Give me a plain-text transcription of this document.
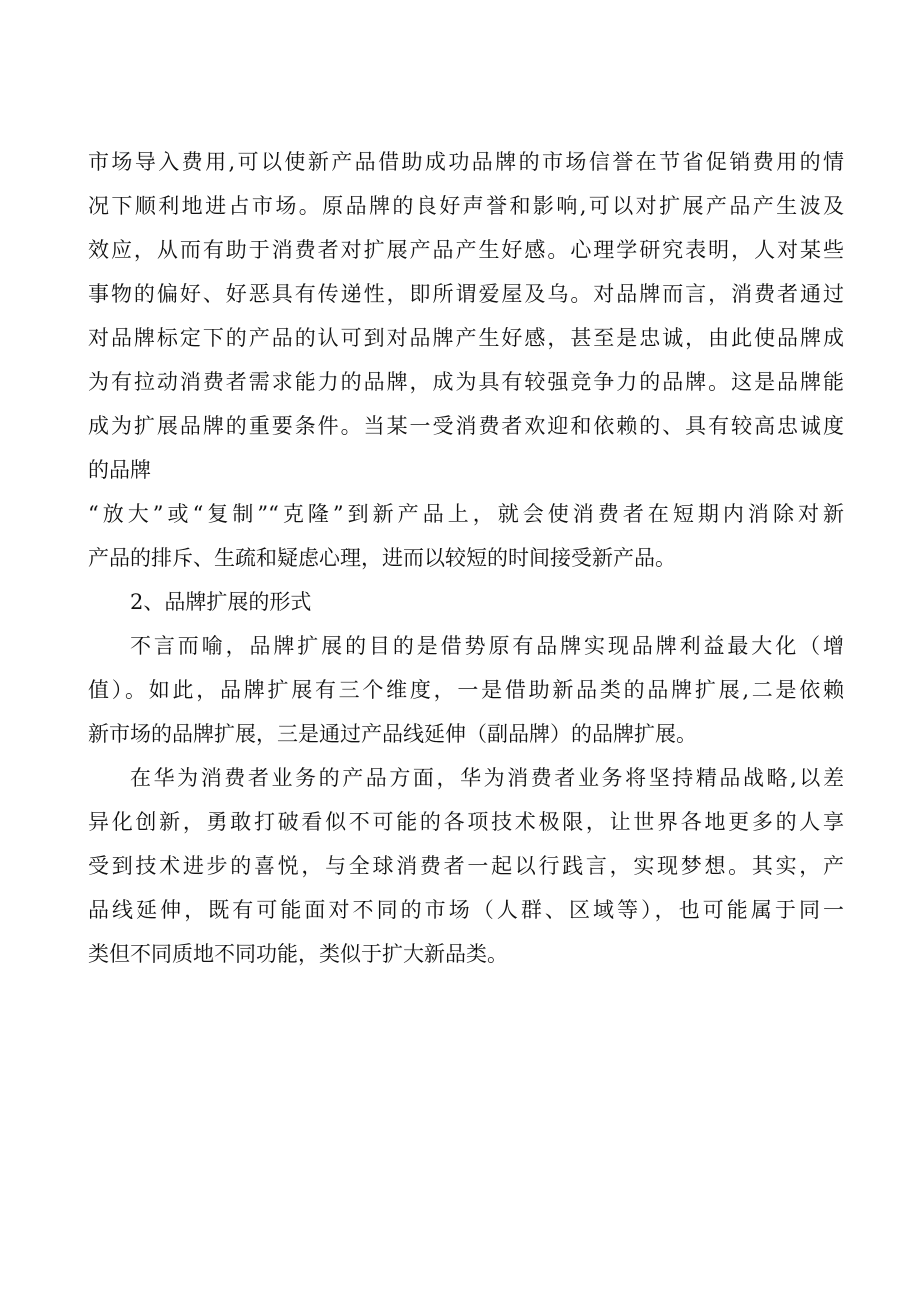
市场导入费用,可以使新产品借助成功品牌的市场信誉在节省促销费用的情
况下顺利地进占市场。原品牌的良好声誉和影响,可以对扩展产品产生波及
效应，从而有助于消费者对扩展产品产生好感。心理学研究表明，人对某些
事物的偏好、好恶具有传递性，即所谓爱屋及乌。对品牌而言，消费者通过
对品牌标定下的产品的认可到对品牌产生好感，甚至是忠诚，由此使品牌成
为有拉动消费者需求能力的品牌，成为具有较强竞争力的品牌。这是品牌能
成为扩展品牌的重要条件。当某一受消费者欢迎和依赖的、具有较高忠诚度
的品牌
“放大”或“复制”“克隆”到新产品上，就会使消费者在短期内消除对新
产品的排斥、生疏和疑虑心理，进而以较短的时间接受新产品。
2、品牌扩展的形式
不言而喻，品牌扩展的目的是借势原有品牌实现品牌利益最大化（增
值）。如此，品牌扩展有三个维度，一是借助新品类的品牌扩展,二是依赖
新市场的品牌扩展，三是通过产品线延伸（副品牌）的品牌扩展。
在华为消费者业务的产品方面，华为消费者业务将坚持精品战略,以差
异化创新，勇敢打破看似不可能的各项技术极限，让世界各地更多的人享
受到技术进步的喜悦，与全球消费者一起以行践言，实现梦想。其实，产
品线延伸，既有可能面对不同的市场（人群、区域等），也可能属于同一
类但不同质地不同功能，类似于扩大新品类。
